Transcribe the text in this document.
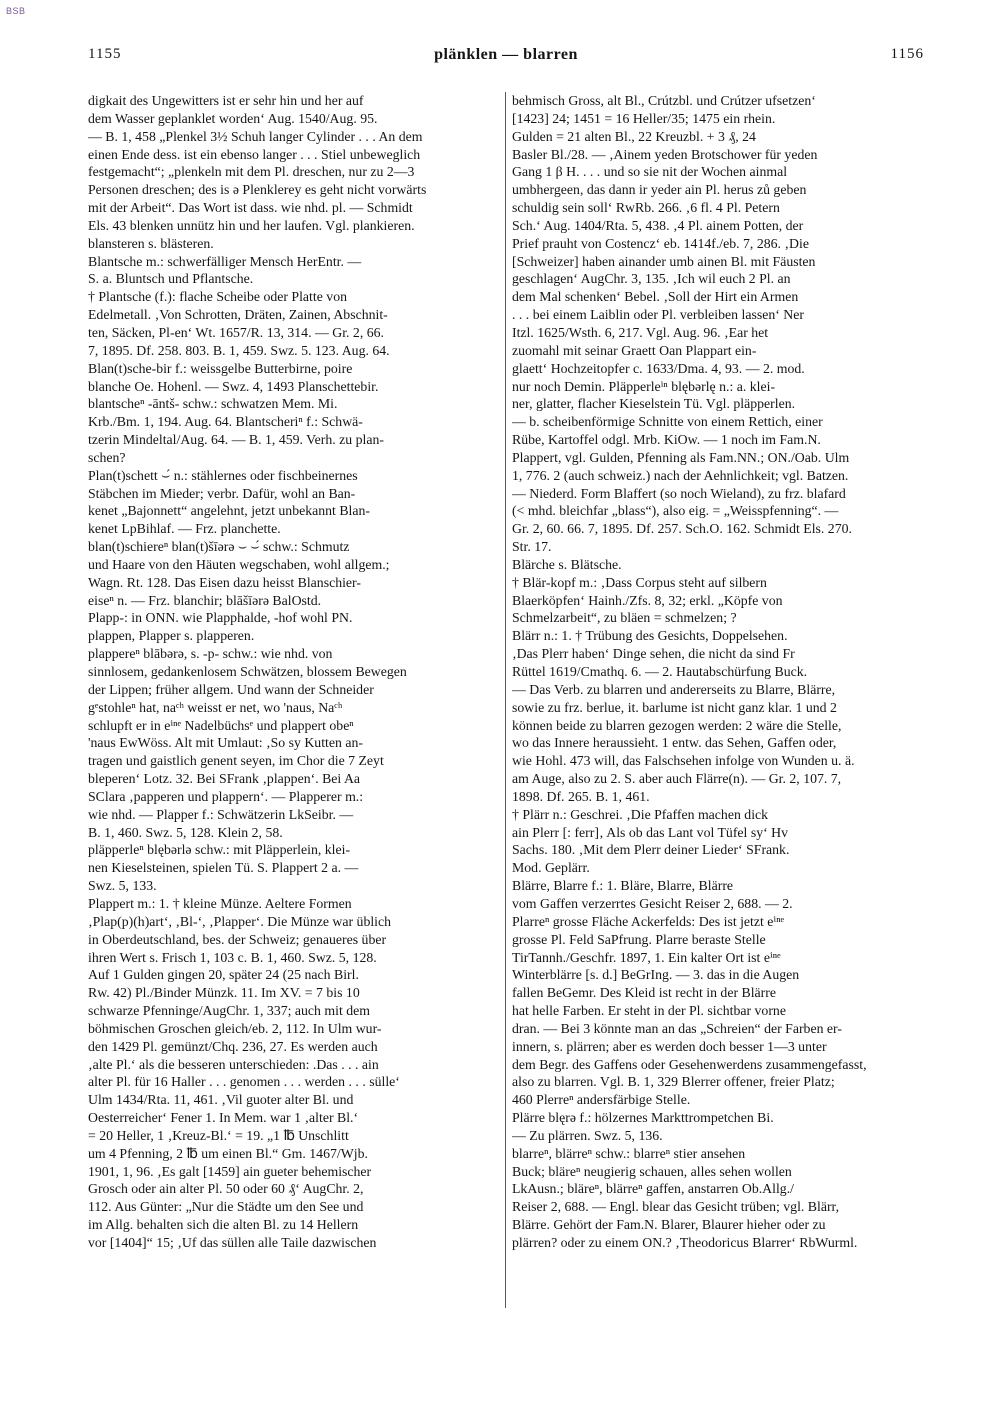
BSB
1155	plänklen — blarren	1156

digkait des Ungewitters ist er sehr hin und her auf
dem Wasser geplanklet worden‘ Aug. 1540/Aug. 95.
— B. 1, 458 „Plenkel 3½ Schuh langer Cylinder . . . An dem
einen Ende dess. ist ein ebenso langer . . . Stiel unbeweglich
festgemacht“; „plenkeln mit dem Pl. dreschen, nur zu 2—3
Personen dreschen; des is ə Plenklerey es geht nicht vorwärts
mit der Arbeit“. Das Wort ist dass. wie nhd. pl. — Schmidt
Els. 43 blenken unnütz hin und her laufen. Vgl. plankieren.

blansteren s. blästeren.

Blantsche m.: schwerfälliger Mensch HerEntr. —
S. a. Bluntsch und Pflantsche.

† Plantsche (f.): flache Scheibe oder Platte von
Edelmetall. ‚Von Schrotten, Dräten, Zainen, Abschnit-
ten, Säcken, Pl-en‘ Wt. 1657/R. 13, 314. — Gr. 2, 66.
7, 1895. Df. 258. 803. B. 1, 459. Swz. 5. 123. Aug. 64.

Blan(t)sche-bir f.: weissgelbe Butterbirne, poire
blanche Oe. Hohenl. — Swz. 4, 1493 Planschettebir.

blantscheⁿ -āntš- schw.: schwatzen Mem. Mi.
Krb./Bm. 1, 194. Aug. 64. Blantscheriⁿ f.: Schwä-
tzerin Mindeltal/Aug. 64. — B. 1, 459. Verh. zu plan-
schen?

Plan(t)schett ⌣́ n.: stählernes oder fischbeinernes
Stäbchen im Mieder; verbr. Dafür, wohl an Ban-
kenet „Bajonnett“ angelehnt, jetzt unbekannt Blan-
kenet LpBihlaf. — Frz. planchette.

blan(t)schiereⁿ blan(t)šīərə ⌣ ⌣́ schw.: Schmutz
und Haare von den Häuten wegschaben, wohl allgem.;
Wagn. Rt. 128. Das Eisen dazu heisst Blanschier-
eiseⁿ n. — Frz. blanchir; blāšīərə BalOstd.

Plapp-: in ONN. wie Plapphalde, -hof wohl PN.
plappen, Plapper s. plapperen.

plappereⁿ blābərə, s. -p- schw.: wie nhd. von
sinnlosem, gedankenlosem Schwätzen, blossem Bewegen
der Lippen; früher allgem. Und wann der Schneider
gᵉstohleⁿ hat, naᶜʰ weisst er net, wo 'naus, Naᶜʰ
schlupft er in eⁱⁿᵉ Nadelbüchsᵉ und plappert obeⁿ
'naus EwWöss. Alt mit Umlaut: ‚So sy Kutten an-
tragen und gaistlich genent seyen, im Chor die 7 Zeyt
bleperen‘ Lotz. 32. Bei SFrank ‚plappen‘. Bei Aa
SClara ‚papperen und plappern‘. — Plapperer m.:
wie nhd. — Plapper f.: Schwätzerin LkSeibr. —
B. 1, 460. Swz. 5, 128. Klein 2, 58.

pläpperleⁿ blębərlə schw.: mit Pläpperlein, klei-
nen Kieselsteinen, spielen Tü. S. Plappert 2 a. —
Swz. 5, 133.

Plappert m.: 1. † kleine Münze. Aeltere Formen
‚Plap(p)(h)art‘, ‚Bl-‘, ‚Plapper‘. Die Münze war üblich
in Oberdeutschland, bes. der Schweiz; genaueres über
ihren Wert s. Frisch 1, 103 c. B. 1, 460. Swz. 5, 128.
Auf 1 Gulden gingen 20, später 24 (25 nach Birl.
Rw. 42) Pl./Binder Münzk. 11. Im XV. = 7 bis 10
schwarze Pfenninge/AugChr. 1, 337; auch mit dem
böhmischen Groschen gleich/eb. 2, 112. In Ulm wur-
den 1429 Pl. gemünzt/Chq. 236, 27. Es werden auch
‚alte Pl.‘ als die besseren unterschieden: .Das . . . ain
alter Pl. für 16 Haller . . . genomen . . . werden . . . sülle‘
Ulm 1434/Rta. 11, 461. ‚Vil guoter alter Bl. und
Oesterreicher‘ Fener 1. In Mem. war 1 ‚alter Bl.‘
= 20 Heller, 1 ‚Kreuz-Bl.‘ = 19. „1 ℔ Unschlitt
um 4 Pfenning, 2 ℔ um einen Bl.“ Gm. 1467/Wjb.
1901, 1, 96. ‚Es galt [1459] ain gueter behemischer
Grosch oder ain alter Pl. 50 oder 60 ₰‘ AugChr. 2,
112. Aus Günter: „Nur die Städte um den See und
im Allg. behalten sich die alten Bl. zu 14 Hellern
vor [1404]“ 15; ‚Uf das süllen alle Taile dazwischen

behmisch Gross, alt Bl., Crútzbl. und Crútzer ufsetzen‘
[1423] 24; 1451 = 16 Heller/35; 1475 ein rhein.
Gulden = 21 alten Bl., 22 Kreuzbl. + 3 ₰, 24
Basler Bl./28. — ‚Ainem yeden Brotschower für yeden
Gang 1 β H. . . . und so sie nit der Wochen ainmal
umbhergeen, das dann ir yeder ain Pl. herus zů geben
schuldig sein soll‘ RwRb. 266. ‚6 fl. 4 Pl. Petern
Sch.‘ Aug. 1404/Rta. 5, 438. ‚4 Pl. ainem Potten, der
Prief prauht von Costencz‘ eb. 1414f./eb. 7, 286. ‚Die
[Schweizer] haben ainander umb ainen Bl. mit Fäusten
geschlagen‘ AugChr. 3, 135. ‚Ich wil euch 2 Pl. an
dem Mal schenken‘ Bebel. ‚Soll der Hirt ein Armen
. . . bei einem Laiblin oder Pl. verbleiben lassen‘ Ner
Itzl. 1625/Wsth. 6, 217. Vgl. Aug. 96. ‚Ear het
zuomahl mit seinar Graett Oan Plappart ein-
glaett‘ Hochzeitopfer c. 1633/Dma. 4, 93. — 2. mod.
nur noch Demin. Pläpperleⁱⁿ blębərlę n.: a. klei-
ner, glatter, flacher Kieselstein Tü. Vgl. pläpperlen.
— b. scheibenförmige Schnitte von einem Rettich, einer
Rübe, Kartoffel odgl. Mrb. KiOw. — 1 noch im Fam.N.
Plappert, vgl. Gulden, Pfenning als Fam.NN.; ON./Oab. Ulm
1, 776. 2 (auch schweiz.) nach der Aehnlichkeit; vgl. Batzen.
— Niederd. Form Blaffert (so noch Wieland), zu frz. blafard
(< mhd. bleichfar „blass“), also eig. = „Weisspfenning“. —
Gr. 2, 60. 66. 7, 1895. Df. 257. Sch.O. 162. Schmidt Els. 270.
Str. 17.

Blärche s. Blätsche.

† Blär-kopf m.: ‚Dass Corpus steht auf silbern
Blaerköpfen‘ Hainh./Zfs. 8, 32; erkl. „Köpfe von
Schmelzarbeit“, zu bläen = schmelzen; ?

Blärr n.: 1. † Trübung des Gesichts, Doppelsehen.
‚Das Plerr haben‘ Dinge sehen, die nicht da sind Fr
Rüttel 1619/Cmathq. 6. — 2. Hautabschürfung Buck.
— Das Verb. zu blarren und andererseits zu Blarre, Blärre,
sowie zu frz. berlue, it. barlume ist nicht ganz klar. 1 und 2
können beide zu blarren gezogen werden: 2 wäre die Stelle,
wo das Innere heraussieht. 1 entw. das Sehen, Gaffen oder,
wie Hohl. 473 will, das Falschsehen infolge von Wunden u. ä.
am Auge, also zu 2. S. aber auch Flärre(n). — Gr. 2, 107. 7,
1898. Df. 265. B. 1, 461.

† Plärr n.: Geschrei. ‚Die Pfaffen machen dick
ain Plerr [: ferr]‚ Als ob das Lant vol Tüfel sy‘ Hv
Sachs. 180. ‚Mit dem Plerr deiner Lieder‘ SFrank.
Mod. Geplärr.

Blärre, Blarre f.: 1. Bläre, Blarre, Blärre
vom Gaffen verzerrtes Gesicht Reiser 2, 688. — 2.
Plarreⁿ grosse Fläche Ackerfelds: Des ist jetzt eⁱⁿᵉ
grosse Pl. Feld SaPfrung. Plarre beraste Stelle
TirTannh./Geschfr. 1897, 1. Ein kalter Ort ist eⁱⁿᵉ
Winterblärre [s. d.] BeGrIng. — 3. das in die Augen
fallen BeGemr. Des Kleid ist recht in der Blärre
hat helle Farben. Er steht in der Pl. sichtbar vorne
dran. — Bei 3 könnte man an das „Schreien“ der Farben er-
innern, s. plärren; aber es werden doch besser 1—3 unter
dem Begr. des Gaffens oder Gesehenwerdens zusammengefasst,
also zu blarren. Vgl. B. 1, 329 Blerrer offener, freier Platz;
460 Plerreⁿ andersfärbige Stelle.

Plärre blęrə f.: hölzernes Markttrompetchen Bi.
— Zu plärren. Swz. 5, 136.

blarreⁿ, blärreⁿ schw.: blarreⁿ stier ansehen
Buck; bläreⁿ neugierig schauen, alles sehen wollen
LkAusn.; bläreⁿ, blärreⁿ gaffen, anstarren Ob.Allg./
Reiser 2, 688. — Engl. blear das Gesicht trüben; vgl. Blärr,
Blärre. Gehört der Fam.N. Blarer, Blaurer hieher oder zu
plärren? oder zu einem ON.? ‚Theodoricus Blarrer‘ RbWurml.
